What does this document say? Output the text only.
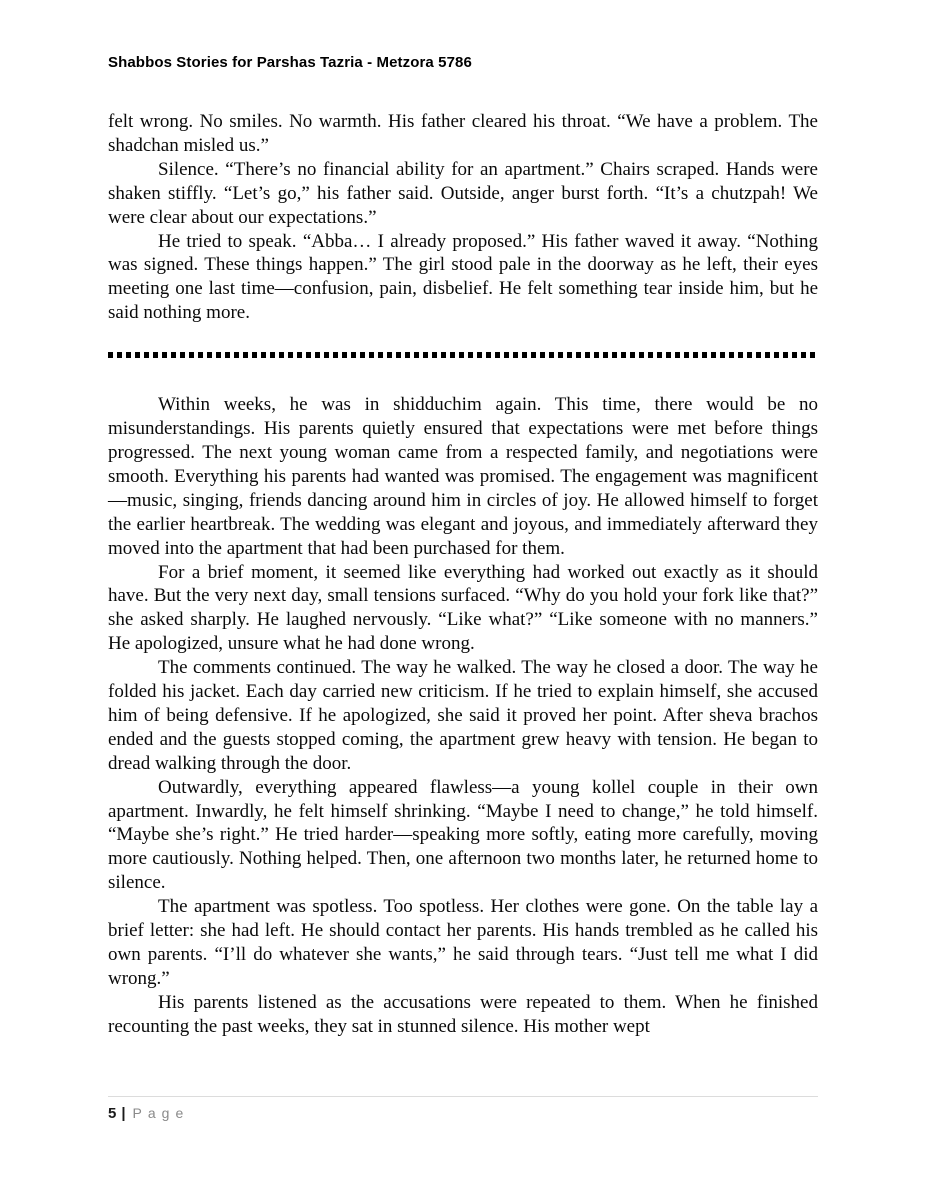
Shabbos Stories for Parshas Tazria - Metzora 5786

felt wrong. No smiles. No warmth. His father cleared his throat. “We have a problem. The shadchan misled us.”

Silence. “There’s no financial ability for an apartment.” Chairs scraped. Hands were shaken stiffly. “Let’s go,” his father said. Outside, anger burst forth. “It’s a chutzpah! We were clear about our expectations.”

He tried to speak. “Abba… I already proposed.” His father waved it away. “Nothing was signed. These things happen.” The girl stood pale in the doorway as he left, their eyes meeting one last time—confusion, pain, disbelief. He felt something tear inside him, but he said nothing more.

Within weeks, he was in shidduchim again. This time, there would be no misunderstandings. His parents quietly ensured that expectations were met before things progressed. The next young woman came from a respected family, and negotiations were smooth. Everything his parents had wanted was promised. The engagement was magnificent—music, singing, friends dancing around him in circles of joy. He allowed himself to forget the earlier heartbreak. The wedding was elegant and joyous, and immediately afterward they moved into the apartment that had been purchased for them.

For a brief moment, it seemed like everything had worked out exactly as it should have. But the very next day, small tensions surfaced. “Why do you hold your fork like that?” she asked sharply. He laughed nervously. “Like what?” “Like someone with no manners.” He apologized, unsure what he had done wrong.

The comments continued. The way he walked. The way he closed a door. The way he folded his jacket. Each day carried new criticism. If he tried to explain himself, she accused him of being defensive. If he apologized, she said it proved her point. After sheva brachos ended and the guests stopped coming, the apartment grew heavy with tension. He began to dread walking through the door.

Outwardly, everything appeared flawless—a young kollel couple in their own apartment. Inwardly, he felt himself shrinking. “Maybe I need to change,” he told himself. “Maybe she’s right.” He tried harder—speaking more softly, eating more carefully, moving more cautiously. Nothing helped. Then, one afternoon two months later, he returned home to silence.

The apartment was spotless. Too spotless. Her clothes were gone. On the table lay a brief letter: she had left. He should contact her parents. His hands trembled as he called his own parents. “I’ll do whatever she wants,” he said through tears. “Just tell me what I did wrong.”

His parents listened as the accusations were repeated to them. When he finished recounting the past weeks, they sat in stunned silence. His mother wept

5 | Page
